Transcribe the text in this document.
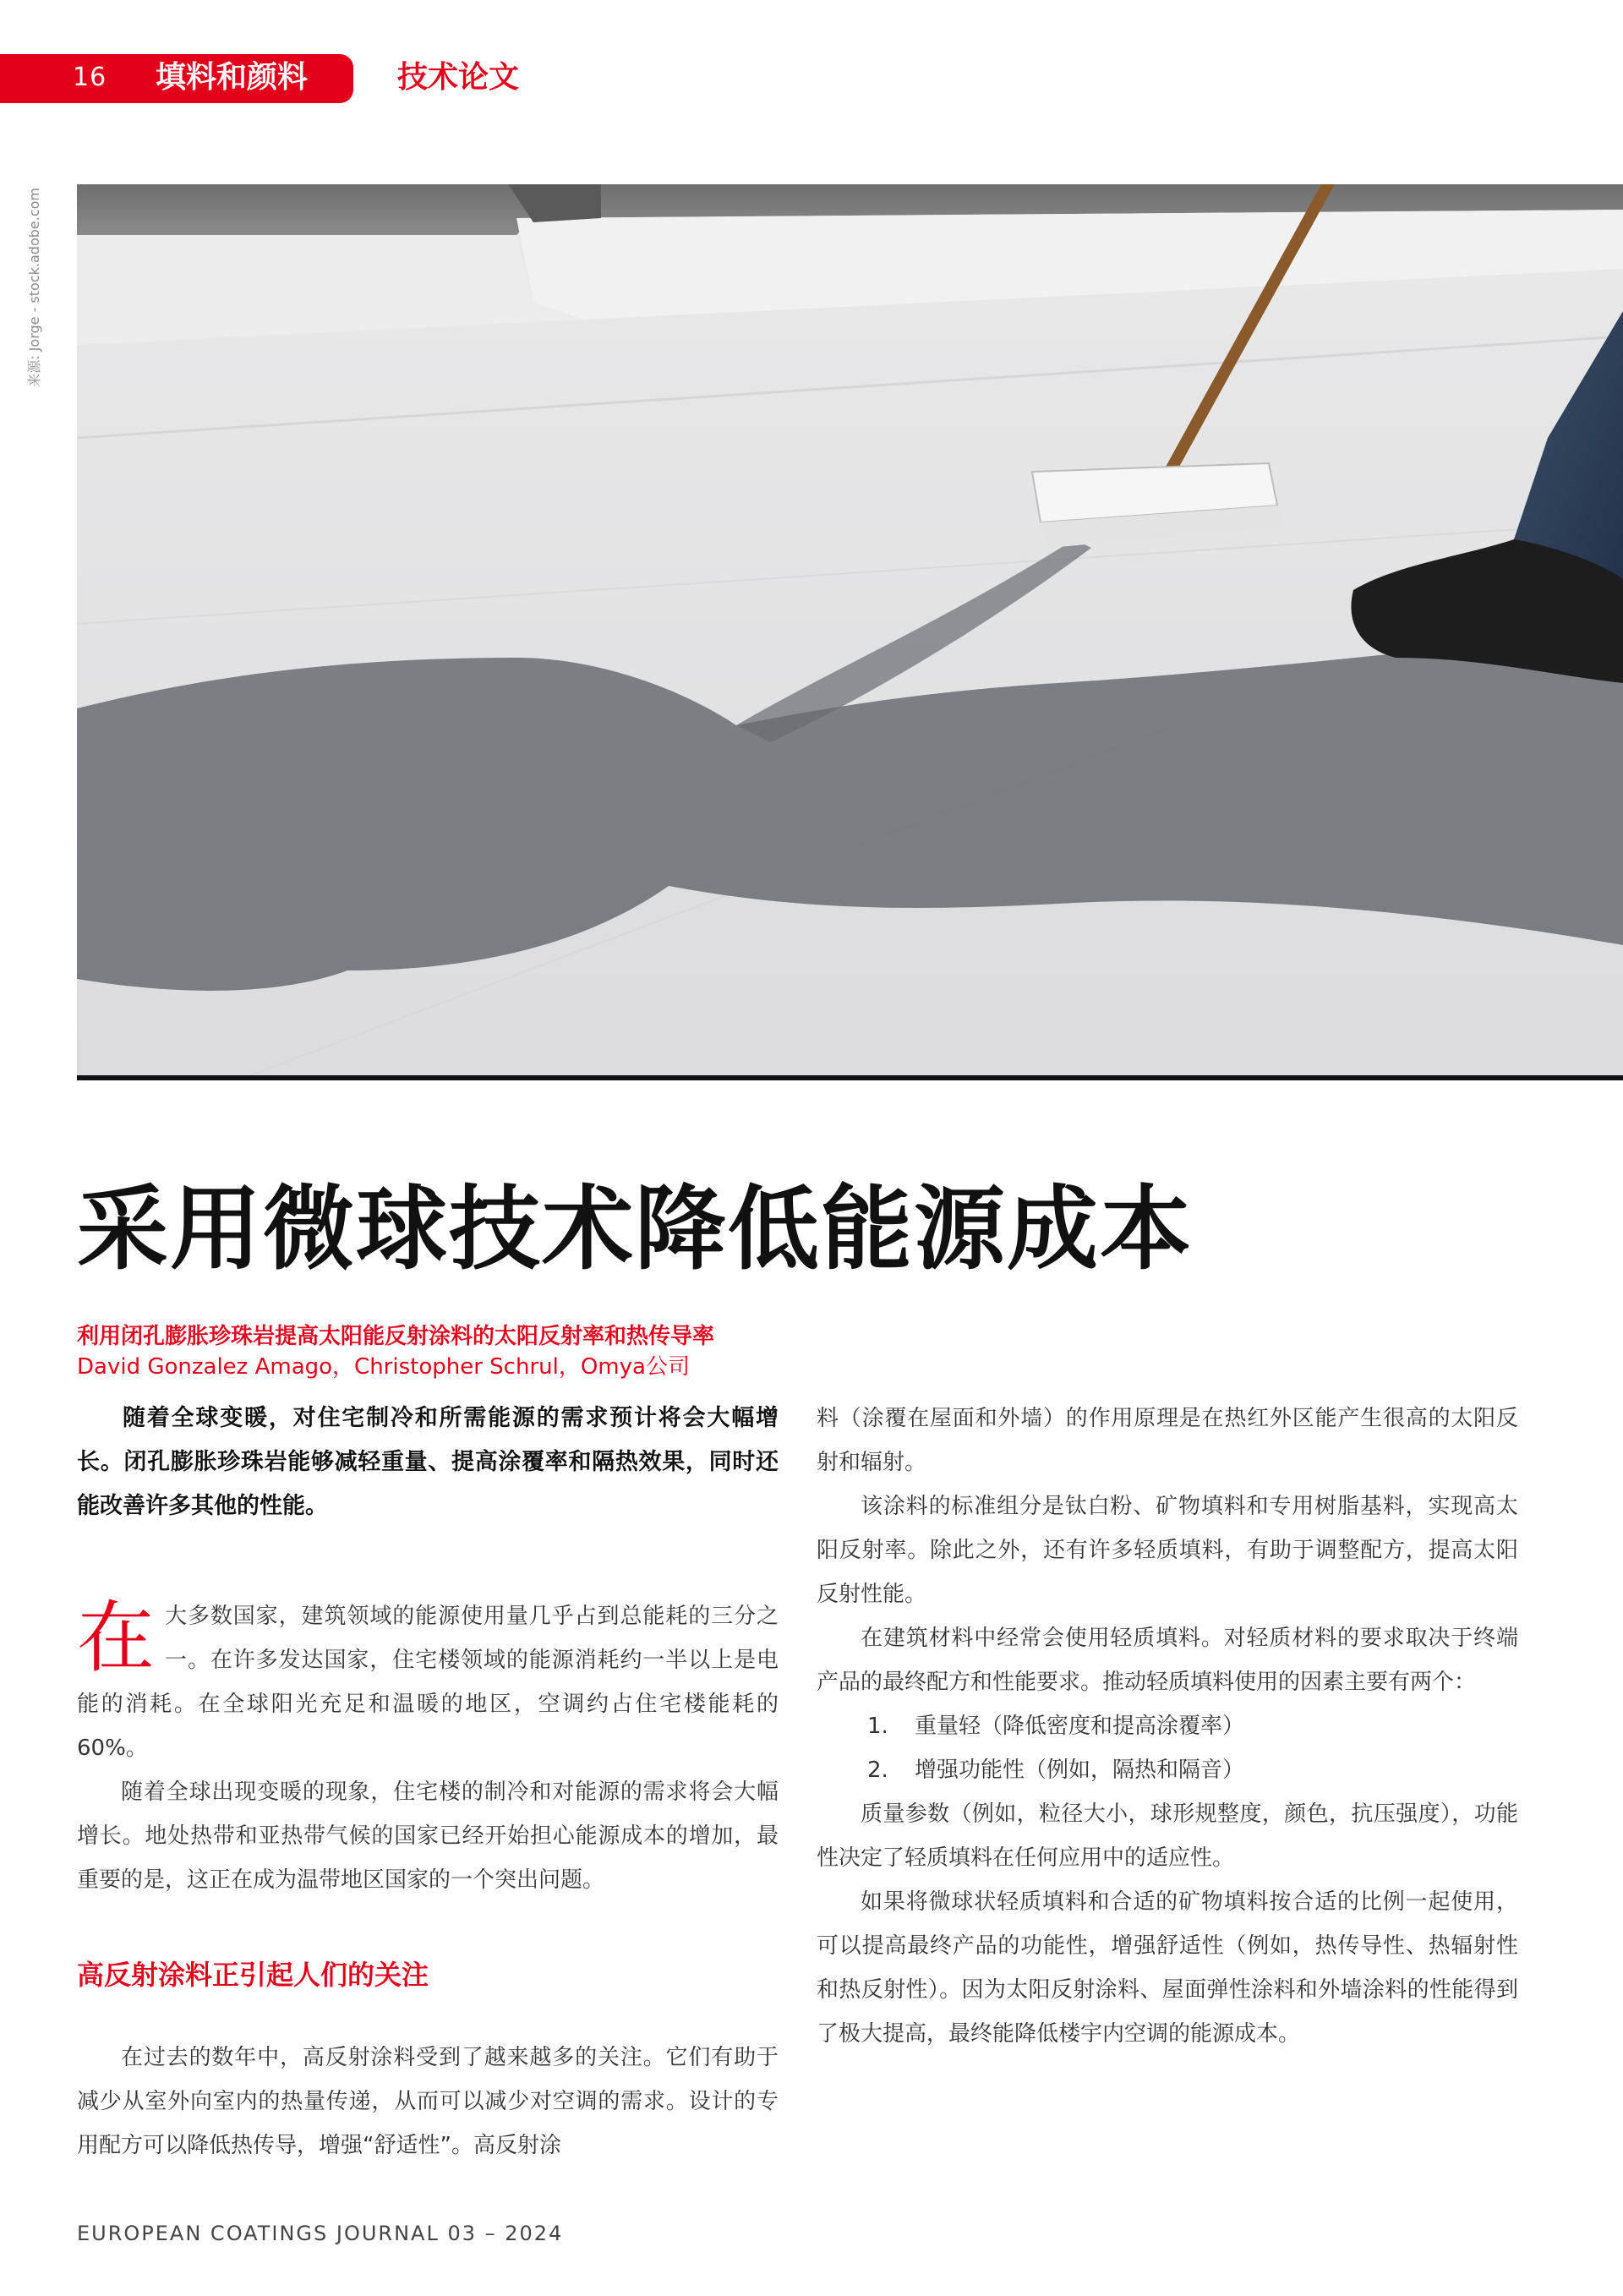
16 填料和颜料	技术论文
来源: Jorge - stock.adobe.com
采用微球技术降低能源成本
利用闭孔膨胀珍珠岩提高太阳能反射涂料的太阳反射率和热传导率
David Gonzalez Amago，Christopher Schrul，Omya公司

随着全球变暖，对住宅制冷和所需能源的需求预计将会大幅增长。闭孔膨胀珍珠岩能够减轻重量、提高涂覆率和隔热效果，同时还能改善许多其他的性能。

在 大多数国家，建筑领域的能源使用量几乎占到总能耗的三分之一。在许多发达国家，住宅楼领域的能源消耗约一半以上是电能的消耗。在全球阳光充足和温暖的地区，空调约占住宅楼能耗的60%。

随着全球出现变暖的现象，住宅楼的制冷和对能源的需求将会大幅增长。地处热带和亚热带气候的国家已经开始担心能源成本的增加，最重要的是，这正在成为温带地区国家的一个突出问题。

高反射涂料正引起人们的关注

在过去的数年中，高反射涂料受到了越来越多的关注。它们有助于减少从室外向室内的热量传递，从而可以减少对空调的需求。设计的专用配方可以降低热传导，增强“舒适性”。高反射涂

料（涂覆在屋面和外墙）的作用原理是在热红外区能产生很高的太阳反射和辐射。

该涂料的标准组分是钛白粉、矿物填料和专用树脂基料，实现高太阳反射率。除此之外，还有许多轻质填料，有助于调整配方，提高太阳反射性能。

在建筑材料中经常会使用轻质填料。对轻质材料的要求取决于终端产品的最终配方和性能要求。推动轻质填料使用的因素主要有两个：

1. 重量轻（降低密度和提高涂覆率）

2. 增强功能性（例如，隔热和隔音）

质量参数（例如，粒径大小，球形规整度，颜色，抗压强度），功能性决定了轻质填料在任何应用中的适应性。

如果将微球状轻质填料和合适的矿物填料按合适的比例一起使用，可以提高最终产品的功能性，增强舒适性（例如，热传导性、热辐射性和热反射性）。因为太阳反射涂料、屋面弹性涂料和外墙涂料的性能得到了极大提高，最终能降低楼宇内空调的能源成本。

EUROPEAN COATINGS JOURNAL 03 – 2024
